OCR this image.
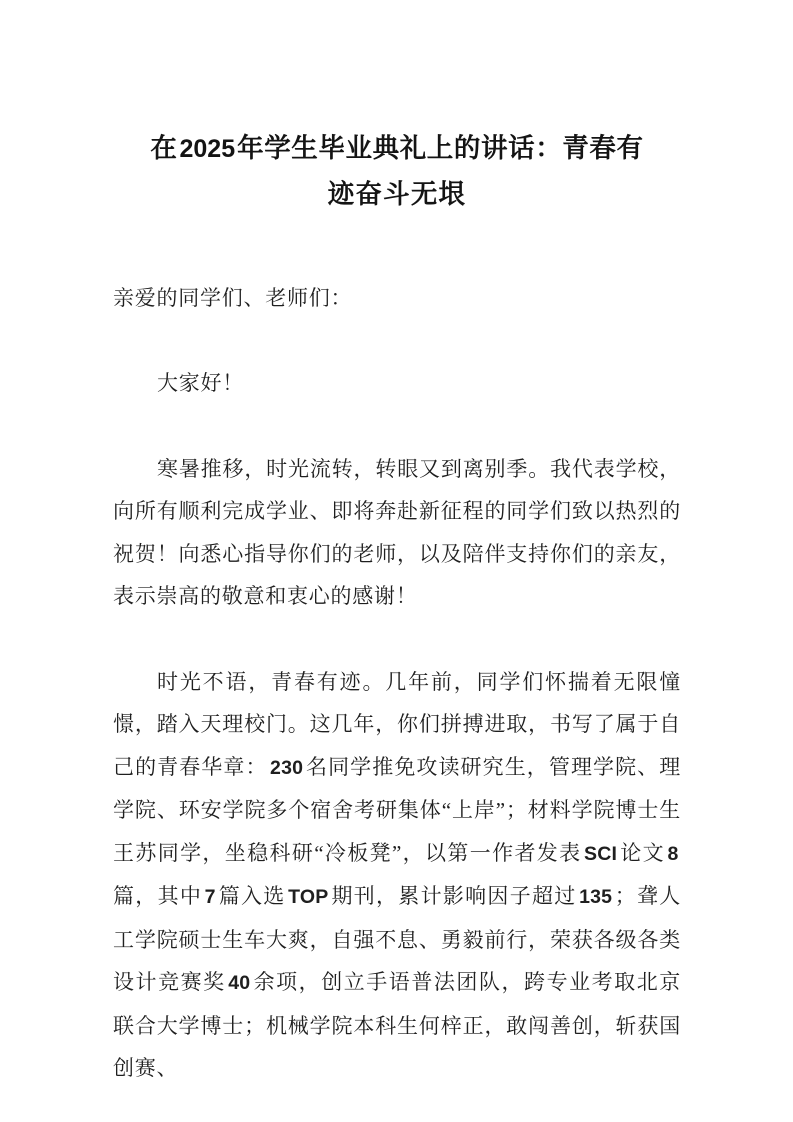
在2025年学生毕业典礼上的讲话：青春有
迹奋斗无垠

亲爱的同学们、老师们：

大家好！

寒暑推移，时光流转，转眼又到离别季。我代表学校，向所有顺利完成学业、即将奔赴新征程的同学们致以热烈的祝贺！向悉心指导你们的老师，以及陪伴支持你们的亲友，表示崇高的敬意和衷心的感谢！

时光不语，青春有迹。几年前，同学们怀揣着无限憧憬，踏入天理校门。这几年，你们拼搏进取，书写了属于自己的青春华章： 230 名同学推免攻读研究生，管理学院、理学院、环安学院多个宿舍考研集体“上岸”；材料学院博士生王苏同学，坐稳科研“冷板凳”，以第一作者发表 SCI 论文 8篇，其中 7 篇入选 TOP 期刊，累计影响因子超过 135 ；聋人工学院硕士生车大爽，自强不息、勇毅前行，荣获各级各类设计竞赛奖 40 余项，创立手语普法团队，跨专业考取北京联合大学博士；机械学院本科生何梓正，敢闯善创，斩获国创赛、
